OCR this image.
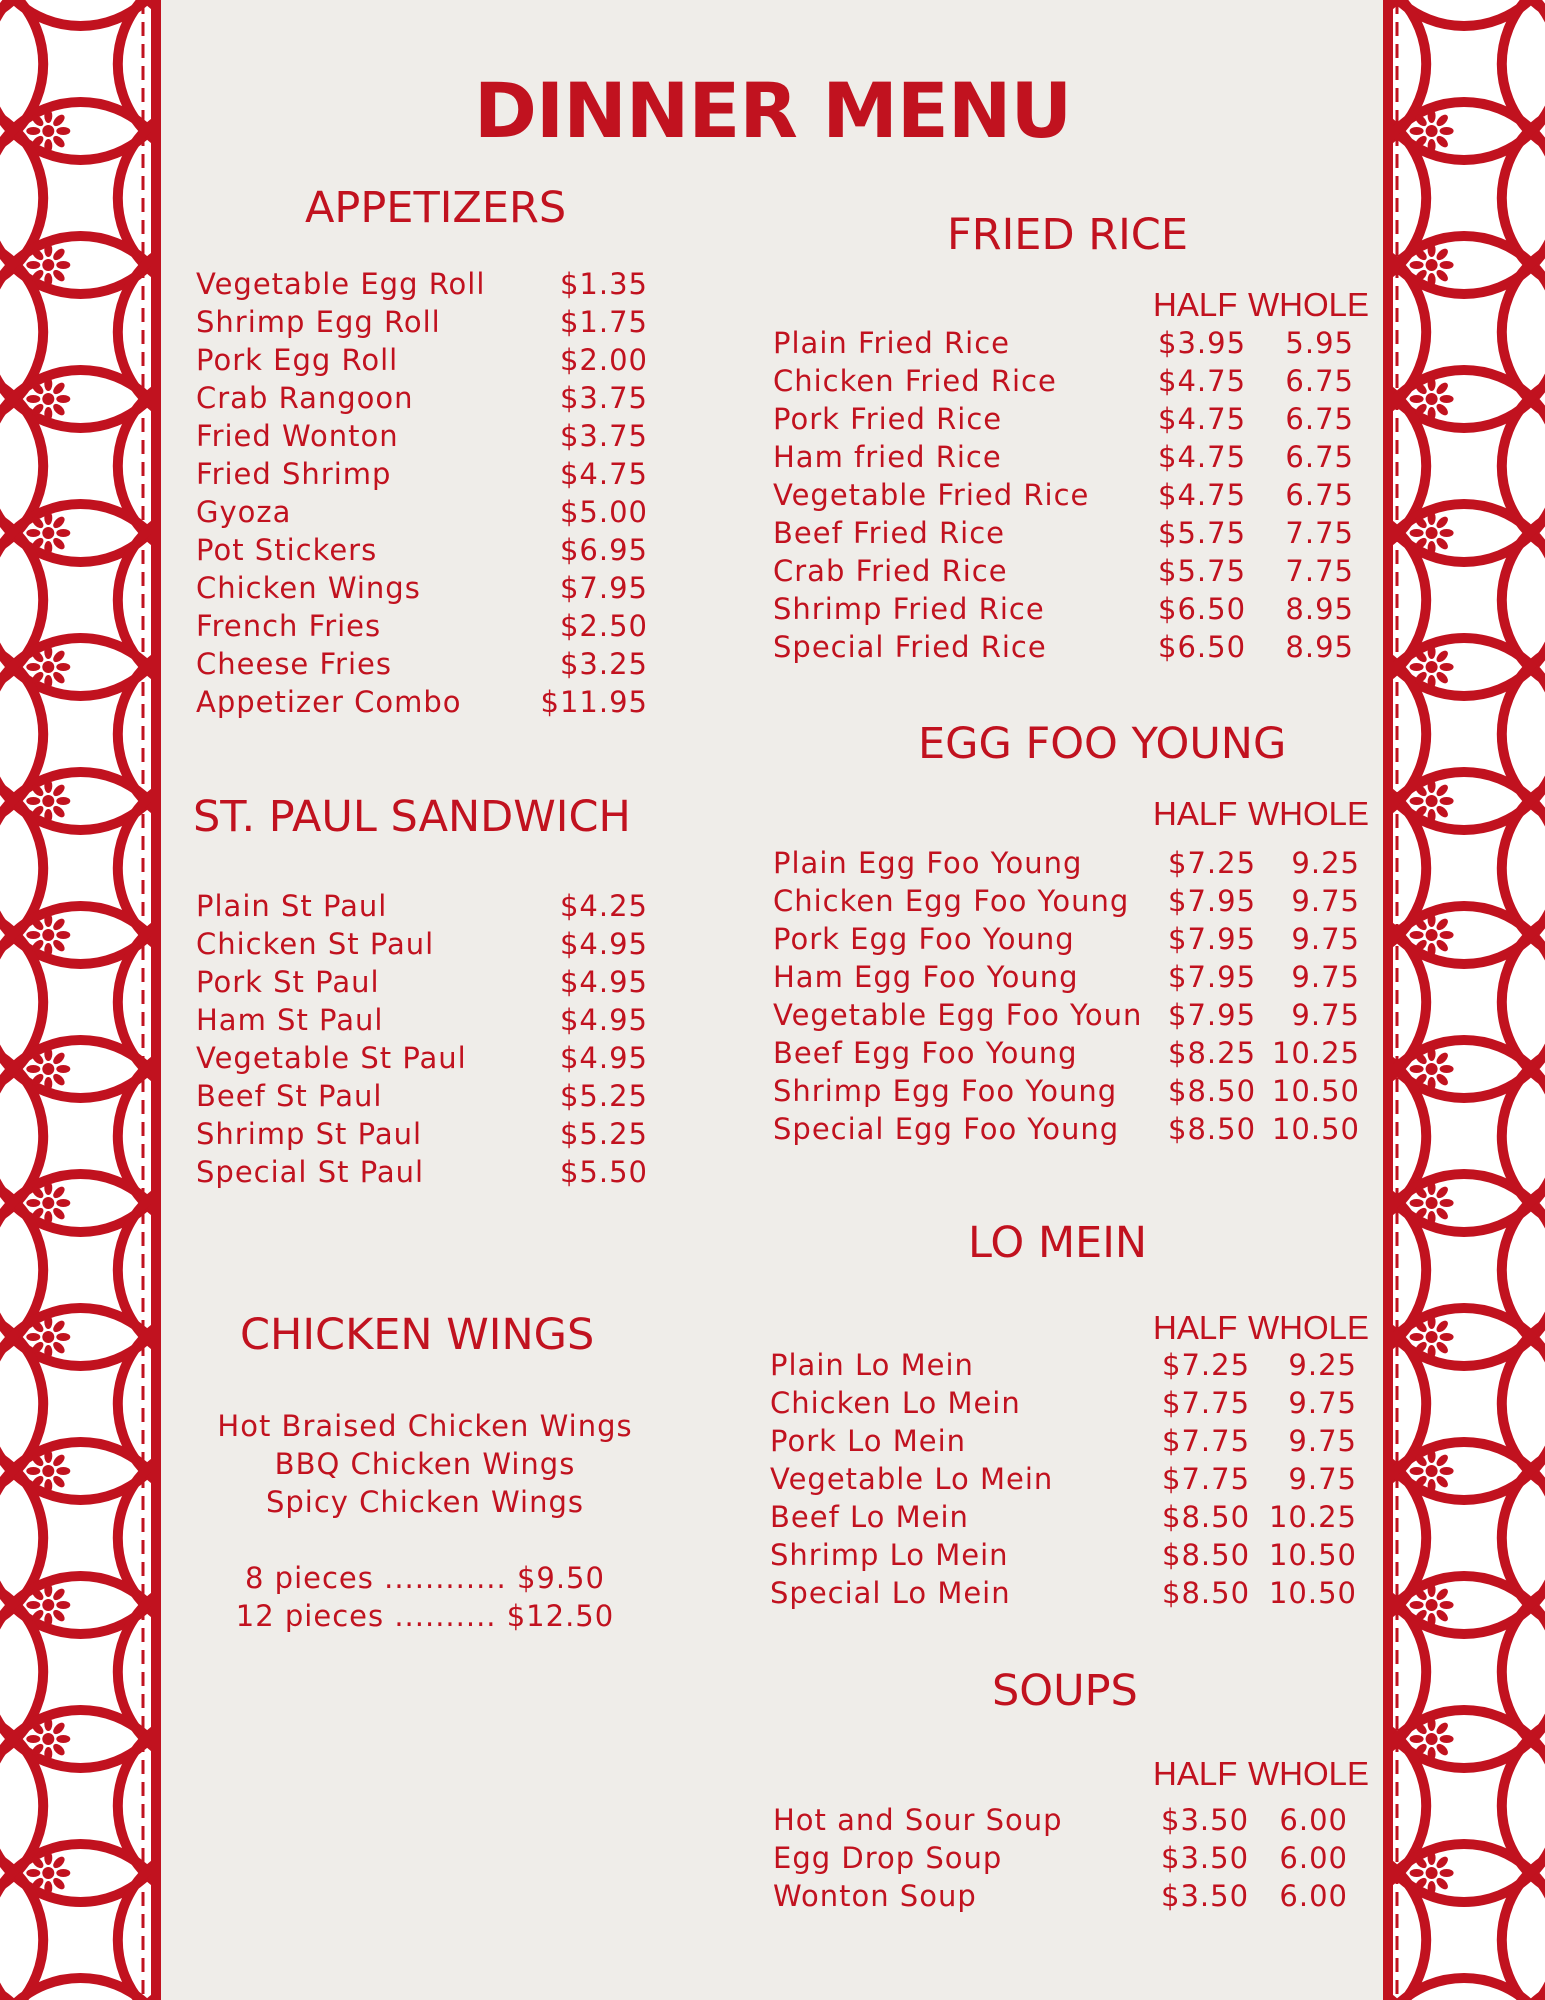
DINNER MENU
APPETIZERS
Vegetable Egg Roll	$1.35
Shrimp Egg Roll	$1.75
Pork Egg Roll	$2.00
Crab Rangoon	$3.75
Fried Wonton	$3.75
Fried Shrimp	$4.75
Gyoza	$5.00
Pot Stickers	$6.95
Chicken Wings	$7.95
French Fries	$2.50
Cheese Fries	$3.25
Appetizer Combo	$11.95
ST. PAUL SANDWICH
Plain St Paul	$4.25
Chicken St Paul	$4.95
Pork St Paul	$4.95
Ham St Paul	$4.95
Vegetable St Paul	$4.95
Beef St Paul	$5.25
Shrimp St Paul	$5.25
Special St Paul	$5.50
CHICKEN WINGS
Hot Braised Chicken Wings
BBQ Chicken Wings
Spicy Chicken Wings
8 pieces ............ $9.50
12 pieces .......... $12.50
FRIED RICE
HALF WHOLE
Plain Fried Rice	$3.95 5.95
Chicken Fried Rice	$4.75 6.75
Pork Fried Rice	$4.75 6.75
Ham fried Rice	$4.75 6.75
Vegetable Fried Rice $4.75 6.75
Beef Fried Rice	$5.75 7.75
Crab Fried Rice	$5.75 7.75
Shrimp Fried Rice	$6.50 8.95
Special Fried Rice	$6.50 8.95
EGG FOO YOUNG
HALF WHOLE
Plain Egg Foo Young	$7.25 9.25
Chicken Egg Foo Young $7.95 9.75
Pork Egg Foo Young	$7.95 9.75
Ham Egg Foo Young	$7.95 9.75
Vegetable Egg Foo Youn $7.95 9.75
Beef Egg Foo Young	$8.25 10.25
Shrimp Egg Foo Young $8.50 10.50
Special Egg Foo Young $8.50 10.50
LO MEIN
HALF WHOLE
Plain Lo Mein	$7.25 9.25
Chicken Lo Mein	$7.75 9.75
Pork Lo Mein	$7.75 9.75
Vegetable Lo Mein	$7.75 9.75
Beef Lo Mein	$8.50 10.25
Shrimp Lo Mein	$8.50 10.50
Special Lo Mein	$8.50 10.50
SOUPS
HALF WHOLE
Hot and Sour Soup	$3.50 6.00
Egg Drop Soup	$3.50 6.00
Wonton Soup	$3.50 6.00
